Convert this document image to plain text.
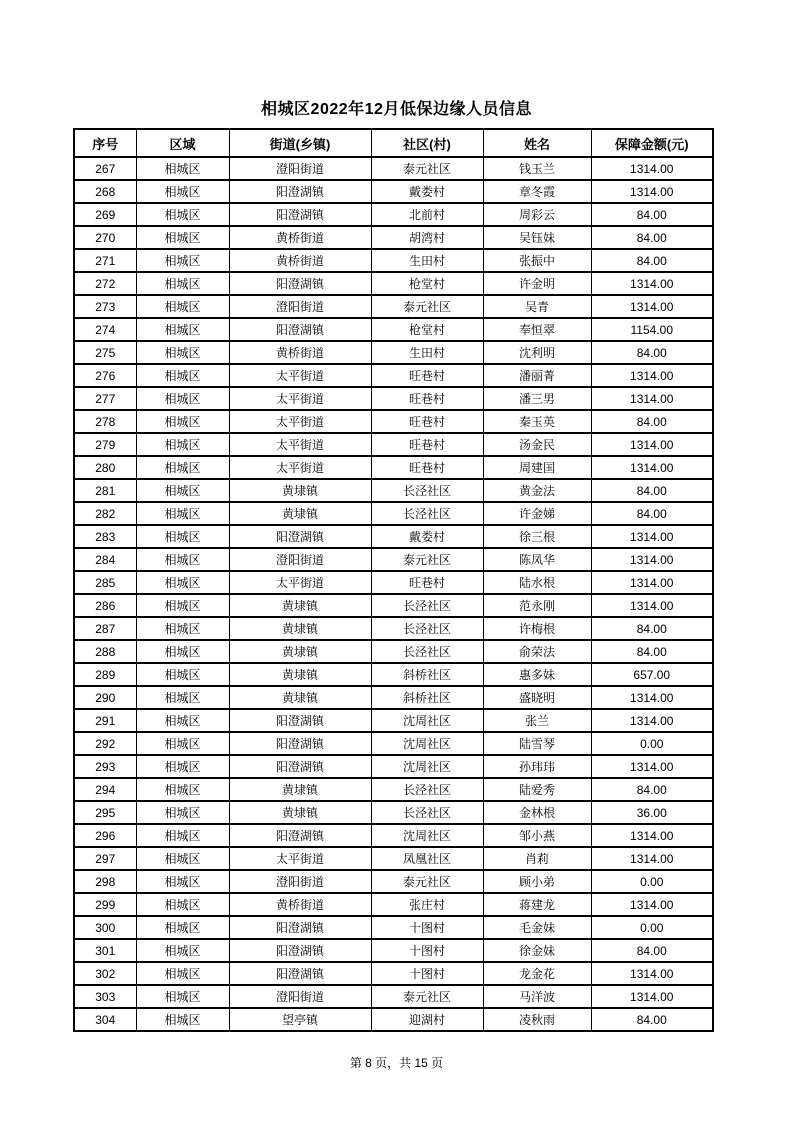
相城区2022年12月低保边缘人员信息
序号	区域	街道(乡镇)	社区(村)	姓名	保障金额(元)
267	相城区	澄阳街道	泰元社区	钱玉兰	1314.00
268	相城区	阳澄湖镇	戴娄村	章冬霞	1314.00
269	相城区	阳澄湖镇	北前村	周彩云	84.00
270	相城区	黄桥街道	胡湾村	吴钰妹	84.00
271	相城区	黄桥街道	生田村	张振中	84.00
272	相城区	阳澄湖镇	枪堂村	许金明	1314.00
273	相城区	澄阳街道	泰元社区	吴青	1314.00
274	相城区	阳澄湖镇	枪堂村	奉恒翠	1154.00
275	相城区	黄桥街道	生田村	沈利明	84.00
276	相城区	太平街道	旺巷村	潘丽菁	1314.00
277	相城区	太平街道	旺巷村	潘三男	1314.00
278	相城区	太平街道	旺巷村	秦玉英	84.00
279	相城区	太平街道	旺巷村	汤金民	1314.00
280	相城区	太平街道	旺巷村	周建国	1314.00
281	相城区	黄埭镇	长泾社区	黄金法	84.00
282	相城区	黄埭镇	长泾社区	许金娣	84.00
283	相城区	阳澄湖镇	戴娄村	徐三根	1314.00
284	相城区	澄阳街道	泰元社区	陈凤华	1314.00
285	相城区	太平街道	旺巷村	陆水根	1314.00
286	相城区	黄埭镇	长泾社区	范永刚	1314.00
287	相城区	黄埭镇	长泾社区	许梅根	84.00
288	相城区	黄埭镇	长泾社区	俞荣法	84.00
289	相城区	黄埭镇	斜桥社区	惠多妹	657.00
290	相城区	黄埭镇	斜桥社区	盛晓明	1314.00
291	相城区	阳澄湖镇	沈周社区	张兰	1314.00
292	相城区	阳澄湖镇	沈周社区	陆雪琴	0.00
293	相城区	阳澄湖镇	沈周社区	孙玮玮	1314.00
294	相城区	黄埭镇	长泾社区	陆爱秀	84.00
295	相城区	黄埭镇	长泾社区	金林根	36.00
296	相城区	阳澄湖镇	沈周社区	邹小燕	1314.00
297	相城区	太平街道	凤凰社区	肖莉	1314.00
298	相城区	澄阳街道	泰元社区	顾小弟	0.00
299	相城区	黄桥街道	张庄村	蒋建龙	1314.00
300	相城区	阳澄湖镇	十图村	毛金妹	0.00
301	相城区	阳澄湖镇	十图村	徐金妹	84.00
302	相城区	阳澄湖镇	十图村	龙金花	1314.00
303	相城区	澄阳街道	泰元社区	马洋波	1314.00
304	相城区	望亭镇	迎湖村	凌秋雨	84.00
第 8 页，共 15 页
